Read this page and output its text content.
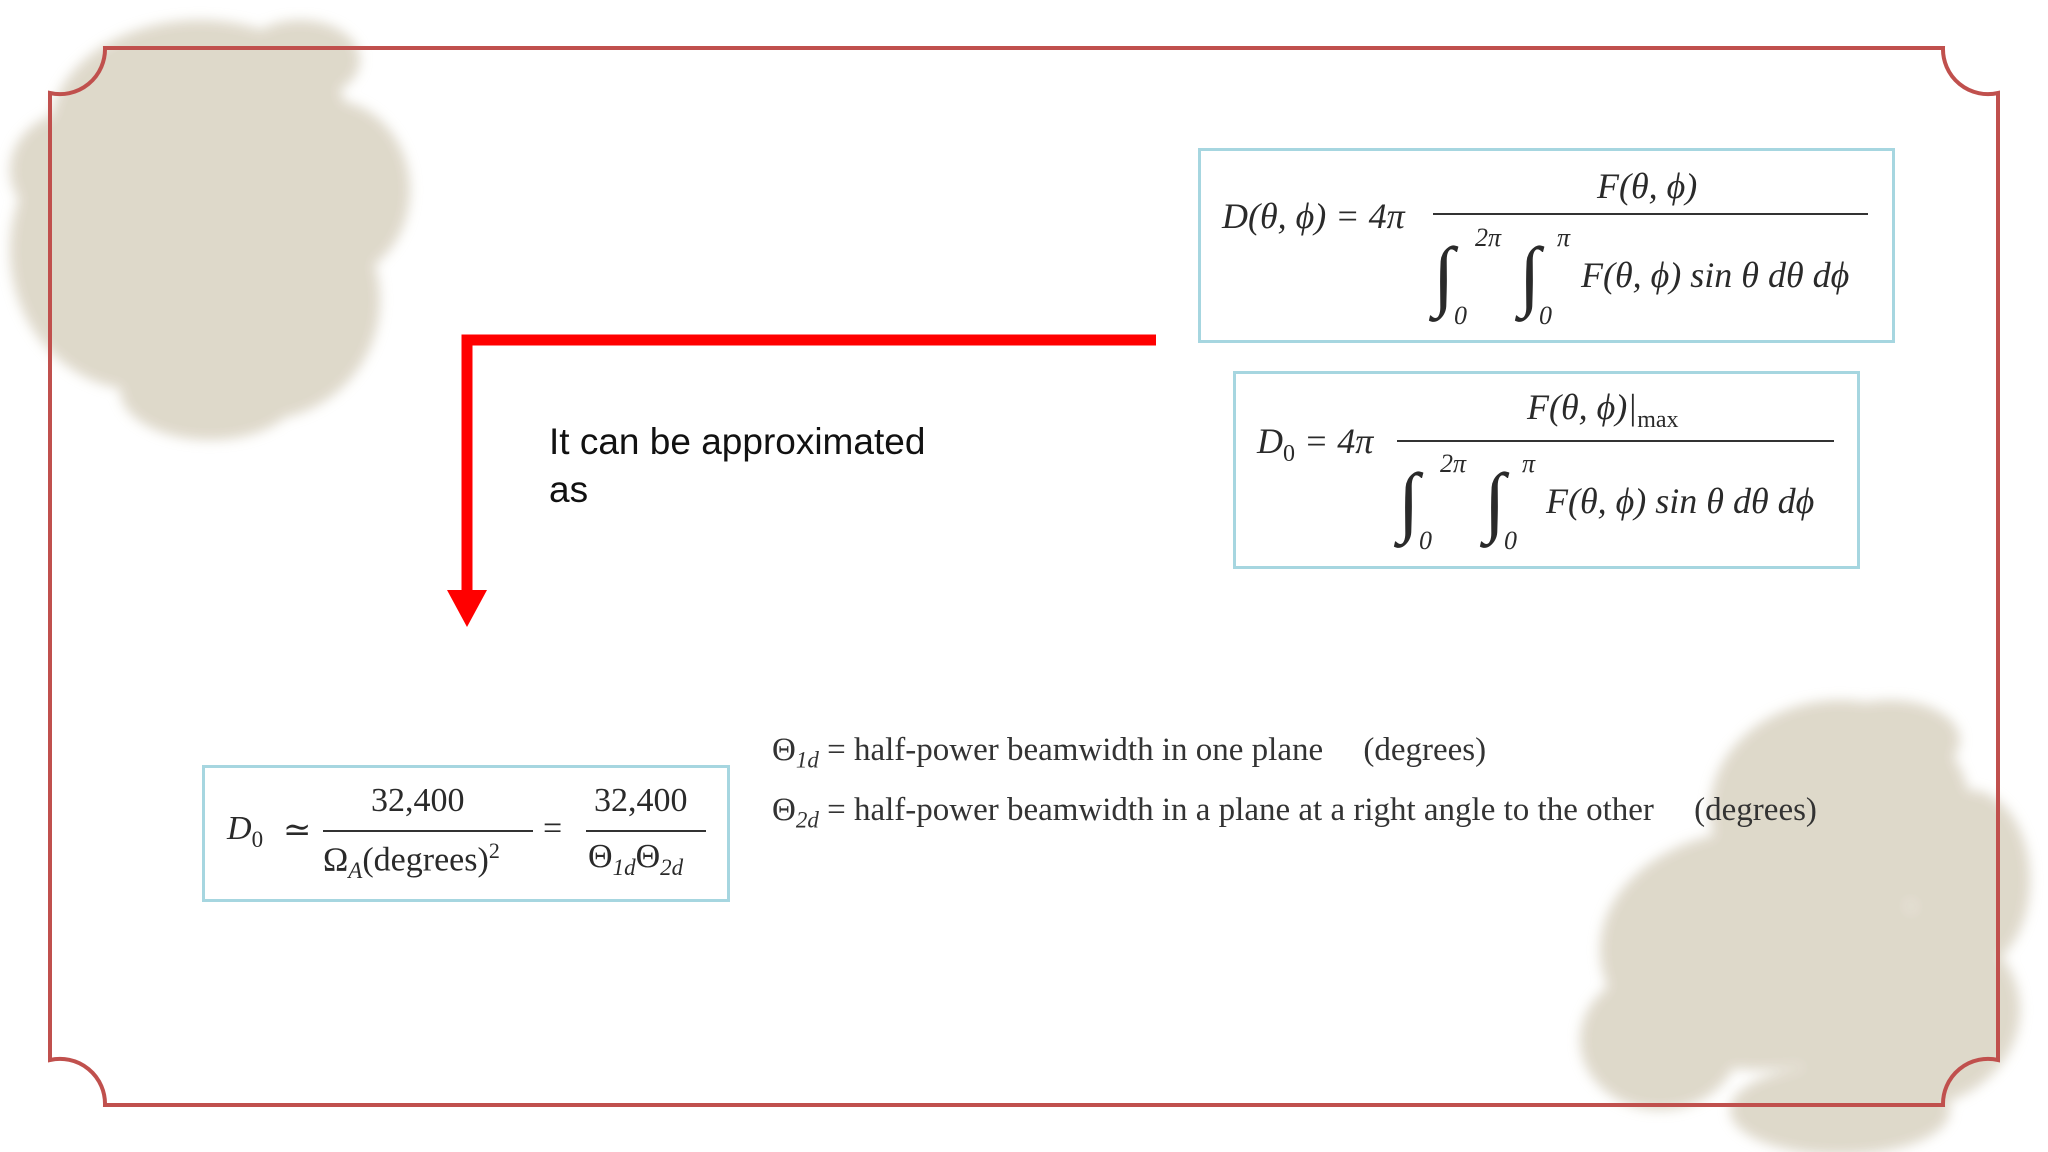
It can be approximated
as
D(θ, ϕ) = 4π
F(θ, ϕ)
∫ 2π
0 ∫ π
0
F(θ, ϕ) sin θ dθ dϕ
$D_0 = 4\pi$
F(θ, $\phi)|_{max}$
∫ 2π
0 ∫ π
0
F(θ, ϕ) sin θ dθ dϕ
$D_0$ ≃
32,400
$\Omega_A(degrees)^2$
=
32,400
$\Theta_{1d}\Theta_{2d}$
$\Theta_{1d}$ = half-power beamwidth in one plane (degrees)
$\Theta_{2d}$ = half-power beamwidth in a plane at a right angle to the other (degrees)
